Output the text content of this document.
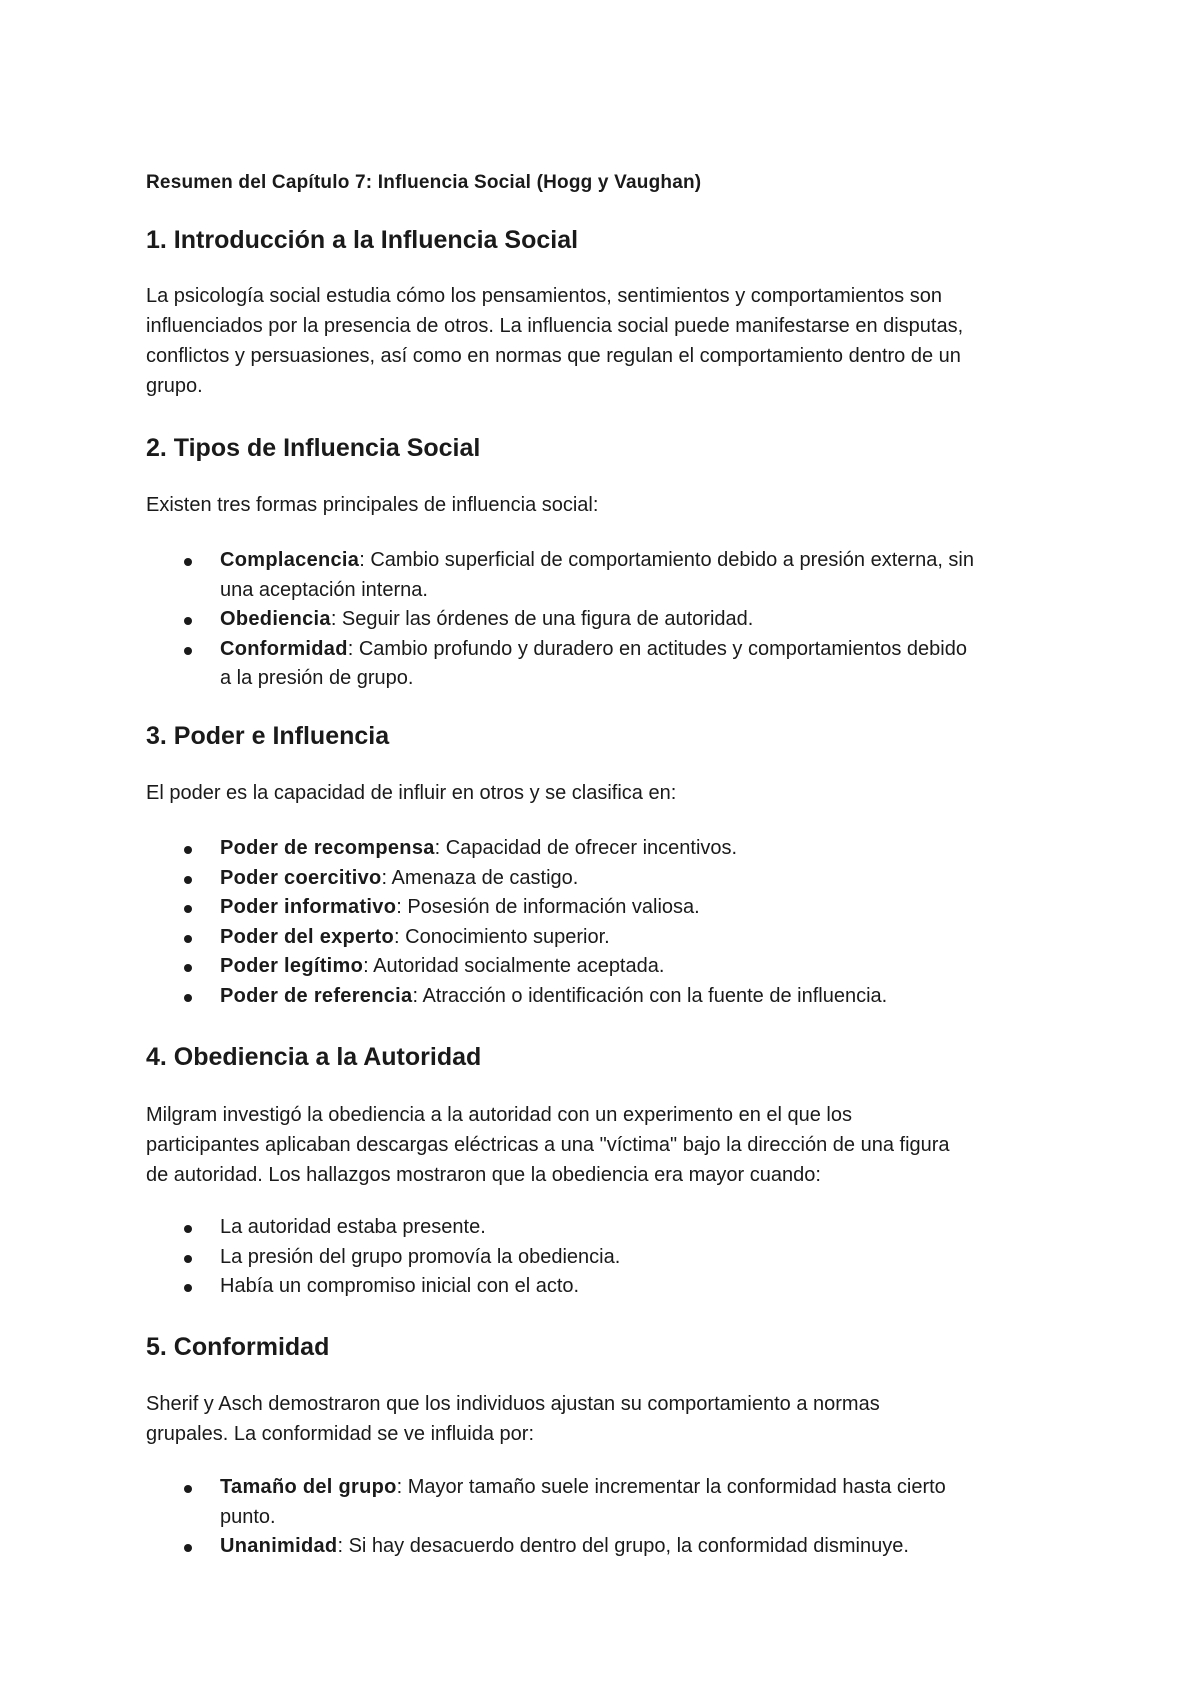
Resumen del Capítulo 7: Influencia Social (Hogg y Vaughan)
1. Introducción a la Influencia Social

La psicología social estudia cómo los pensamientos, sentimientos y comportamientos son
influenciados por la presencia de otros. La influencia social puede manifestarse en disputas,
conflictos y persuasiones, así como en normas que regulan el comportamiento dentro de un
grupo.

2. Tipos de Influencia Social

Existen tres formas principales de influencia social:

Complacencia: Cambio superficial de comportamiento debido a presión externa, sin
una aceptación interna.
Obediencia: Seguir las órdenes de una figura de autoridad.
Conformidad: Cambio profundo y duradero en actitudes y comportamientos debido
a la presión de grupo.
3. Poder e Influencia

El poder es la capacidad de influir en otros y se clasifica en:

Poder de recompensa: Capacidad de ofrecer incentivos.
Poder coercitivo: Amenaza de castigo.
Poder informativo: Posesión de información valiosa.
Poder del experto: Conocimiento superior.
Poder legítimo: Autoridad socialmente aceptada.
Poder de referencia: Atracción o identificación con la fuente de influencia.
4. Obediencia a la Autoridad

Milgram investigó la obediencia a la autoridad con un experimento en el que los
participantes aplicaban descargas eléctricas a una "víctima" bajo la dirección de una figura
de autoridad. Los hallazgos mostraron que la obediencia era mayor cuando:

La autoridad estaba presente.
La presión del grupo promovía la obediencia.
Había un compromiso inicial con el acto.
5. Conformidad

Sherif y Asch demostraron que los individuos ajustan su comportamiento a normas
grupales. La conformidad se ve influida por:

Tamaño del grupo: Mayor tamaño suele incrementar la conformidad hasta cierto
punto.
Unanimidad: Si hay desacuerdo dentro del grupo, la conformidad disminuye.
